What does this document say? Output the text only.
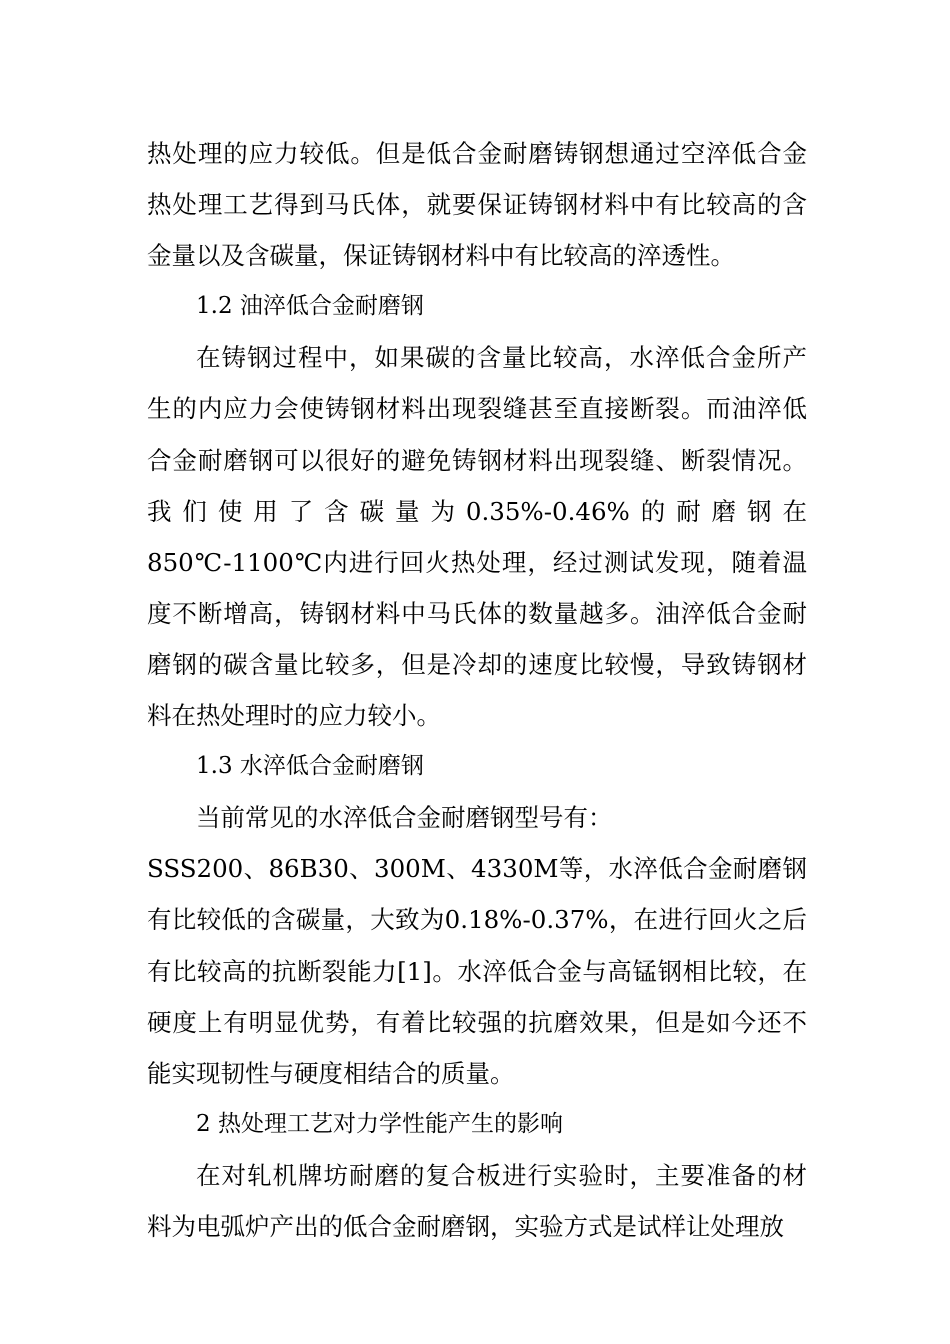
热处理的应力较低。但是低合金耐磨铸钢想通过空淬低合金热处理工艺得到马氏体，就要保证铸钢材料中有比较高的含金量以及含碳量，保证铸钢材料中有比较高的淬透性。

1.2 油淬低合金耐磨钢

在铸钢过程中，如果碳的含量比较高，水淬低合金所产生的内应力会使铸钢材料出现裂缝甚至直接断裂。而油淬低合金耐磨钢可以很好的避免铸钢材料出现裂缝、断裂情况。我们使用了含碳量为0.35%-0.46%的耐磨钢在850℃-1100℃内进行回火热处理，经过测试发现，随着温度不断增高，铸钢材料中马氏体的数量越多。油淬低合金耐磨钢的碳含量比较多，但是冷却的速度比较慢，导致铸钢材料在热处理时的应力较小。

1.3 水淬低合金耐磨钢

当前常见的水淬低合金耐磨钢型号有：

SSS200、86B30、300M、4330M等，水淬低合金耐磨钢有比较低的含碳量，大致为0.18%-0.37%，在进行回火之后有比较高的抗断裂能力[1]。水淬低合金与高锰钢相比较，在硬度上有明显优势，有着比较强的抗磨效果，但是如今还不能实现韧性与硬度相结合的质量。

2 热处理工艺对力学性能产生的影响

在对轧机牌坊耐磨的复合板进行实验时，主要准备的材料为电弧炉产出的低合金耐磨钢，实验方式是试样让处理放
